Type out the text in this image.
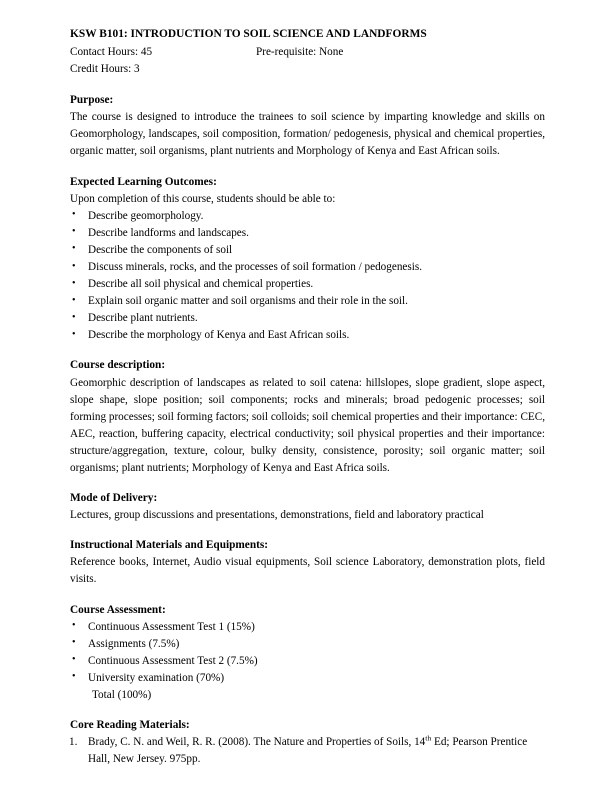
KSW B101: INTRODUCTION TO SOIL SCIENCE AND LANDFORMS
Contact Hours: 45	Pre-requisite: None
Credit Hours: 3
Purpose:

The course is designed to introduce the trainees to soil science by imparting knowledge and skills on Geomorphology, landscapes, soil composition, formation/ pedogenesis, physical and chemical properties, organic matter, soil organisms, plant nutrients and Morphology of Kenya and East African soils.

Expected Learning Outcomes:

Upon completion of this course, students should be able to:

• Describe geomorphology.
• Describe landforms and landscapes.
• Describe the components of soil
• Discuss minerals, rocks, and the processes of soil formation / pedogenesis.
• Describe all soil physical and chemical properties.
• Explain soil organic matter and soil organisms and their role in the soil.
• Describe plant nutrients.
• Describe the morphology of Kenya and East African soils.
Course description:

Geomorphic description of landscapes as related to soil catena: hillslopes, slope gradient, slope aspect, slope shape, slope position; soil components; rocks and minerals; broad pedogenic processes; soil forming processes; soil forming factors; soil colloids; soil chemical properties and their importance: CEC, AEC, reaction, buffering capacity, electrical conductivity; soil physical properties and their importance: structure/aggregation, texture, colour, bulky density, consistence, porosity; soil organic matter; soil organisms; plant nutrients; Morphology of Kenya and East Africa soils.

Mode of Delivery:

Lectures, group discussions and presentations, demonstrations, field and laboratory practical

Instructional Materials and Equipments:

Reference books, Internet, Audio visual equipments, Soil science Laboratory, demonstration plots, field visits.

Course Assessment:
• Continuous Assessment Test 1 (15%)
• Assignments (7.5%)
• Continuous Assessment Test 2 (7.5%)
• University examination (70%)
Total (100%)
Core Reading Materials:
Brady, C. N. and Weil, R. R. (2008). The Nature and Properties of Soils, 14th Ed; Pearson Prentice Hall, New Jersey. 975pp.
